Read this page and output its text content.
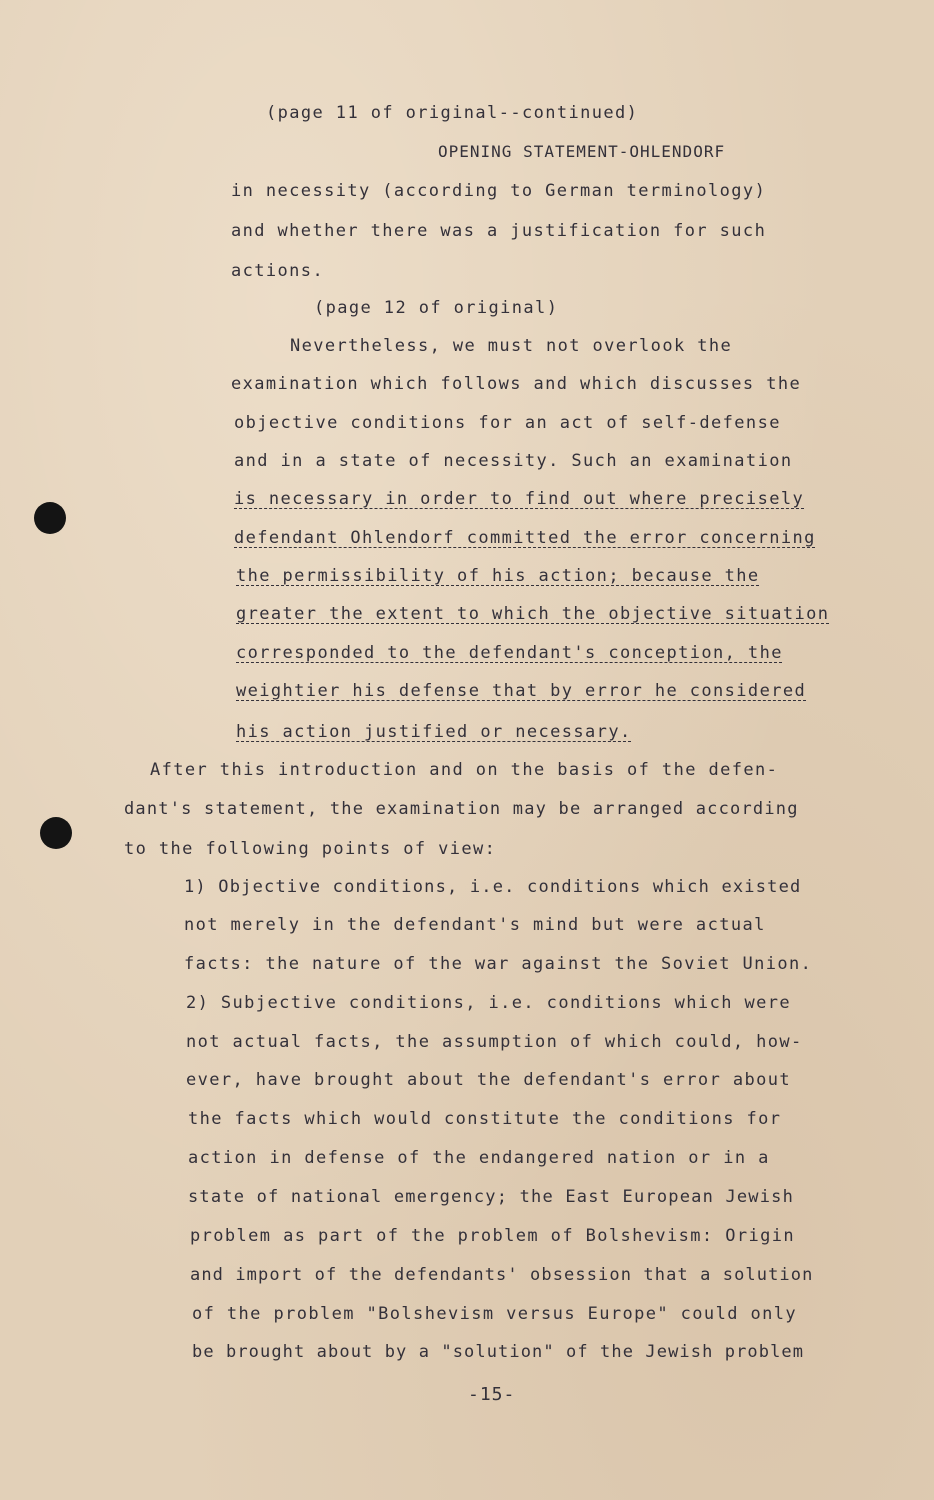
(page 11 of original--continued)
OPENING STATEMENT-OHLENDORF
in necessity (according to German terminology)
and whether there was a justification for such
actions.
(page 12 of original)
Nevertheless, we must not overlook the
examination which follows and which discusses the
objective conditions for an act of self-defense
and in a state of necessity. Such an examination
is necessary in order to find out where precisely
defendant Ohlendorf committed the error concerning
the permissibility of his action; because the
greater the extent to which the objective situation
corresponded to the defendant's conception, the
weightier his defense that by error he considered
his action justified or necessary.
After this introduction and on the basis of the defen-
dant's statement, the examination may be arranged according
to the following points of view:
1) Objective conditions, i.e. conditions which existed
not merely in the defendant's mind but were actual
facts: the nature of the war against the Soviet Union.
2) Subjective conditions, i.e. conditions which were
not actual facts, the assumption of which could, how-
ever, have brought about the defendant's error about
the facts which would constitute the conditions for
action in defense of the endangered nation or in a
state of national emergency; the East European Jewish
problem as part of the problem of Bolshevism: Origin
and import of the defendants' obsession that a solution
of the problem "Bolshevism versus Europe" could only
be brought about by a "solution" of the Jewish problem
-15-
